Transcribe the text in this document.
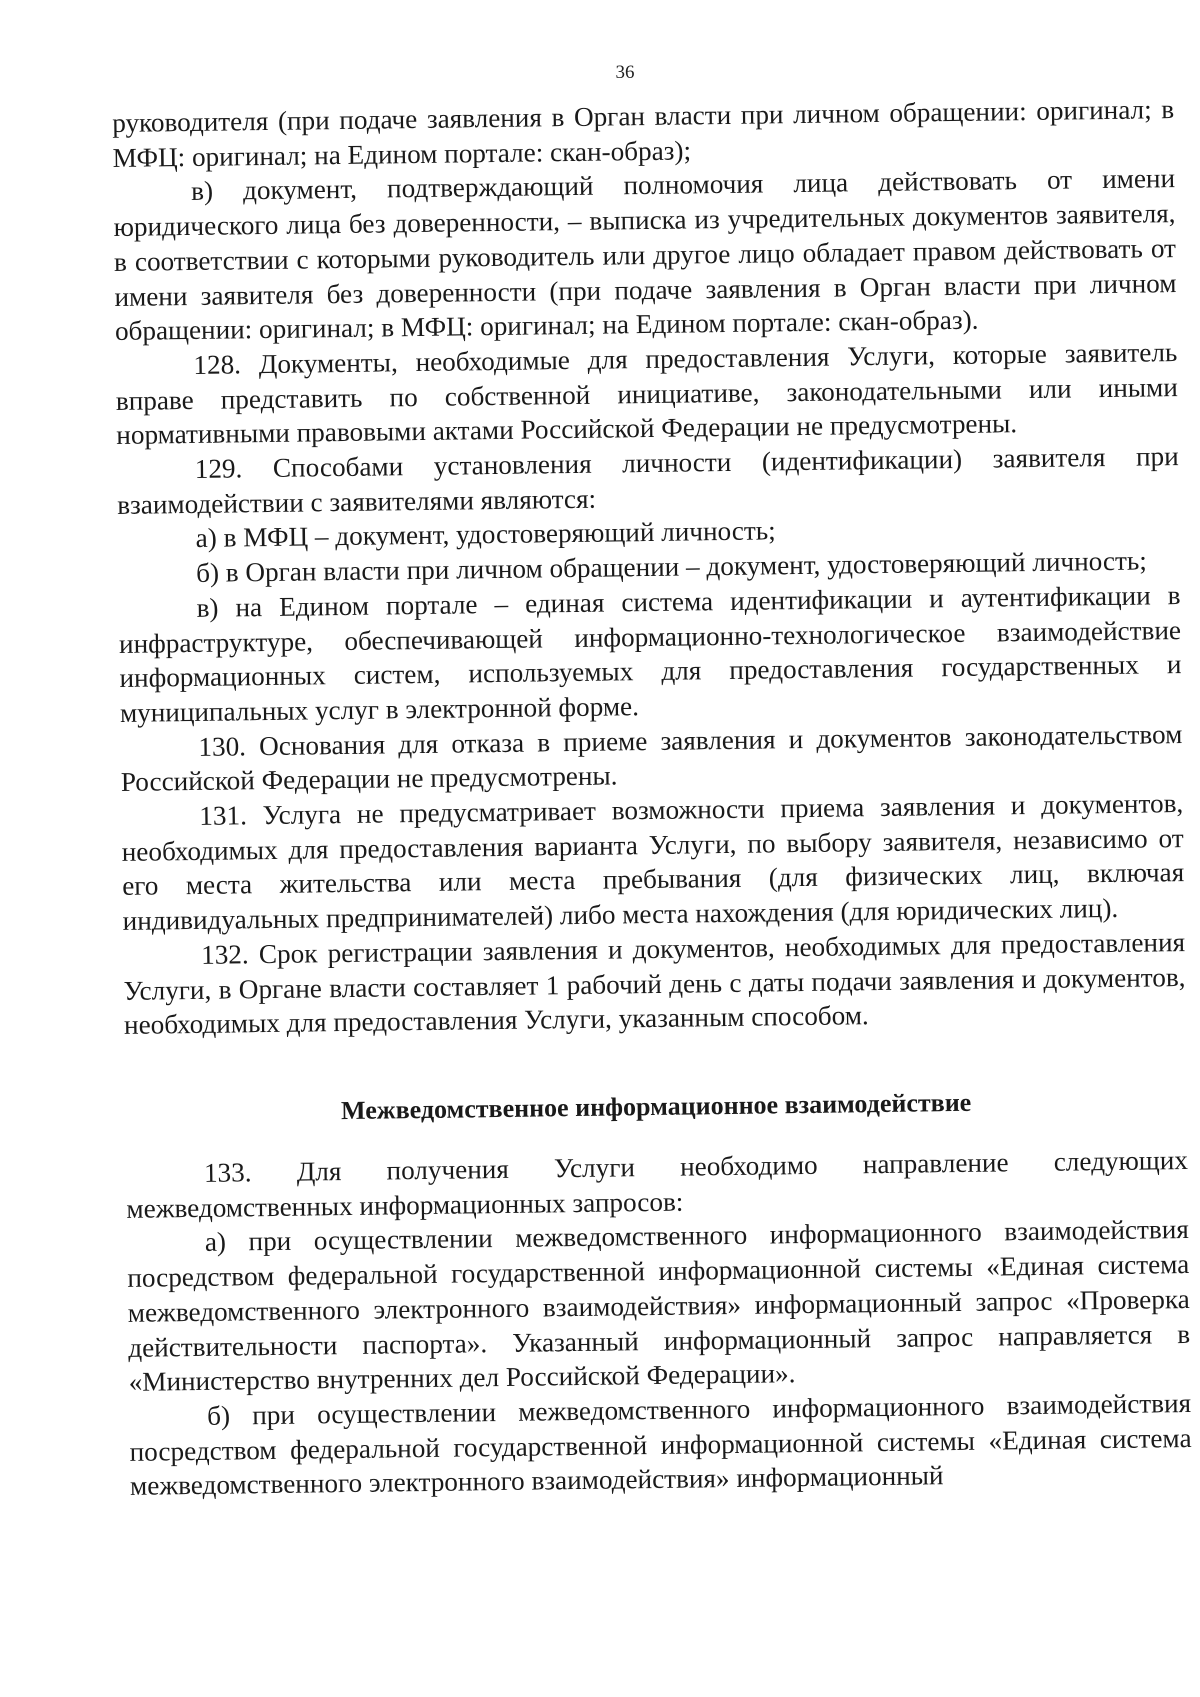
36

руководителя (при подаче заявления в Орган власти при личном обращении: оригинал; в МФЦ: оригинал; на Едином портале: скан-образ);

в) документ, подтверждающий полномочия лица действовать от имени юридического лица без доверенности, – выписка из учредительных документов заявителя, в соответствии с которыми руководитель или другое лицо обладает правом действовать от имени заявителя без доверенности (при подаче заявления в Орган власти при личном обращении: оригинал; в МФЦ: оригинал; на Едином портале: скан-образ).

128. Документы, необходимые для предоставления Услуги, которые заявитель вправе представить по собственной инициативе, законодательными или иными нормативными правовыми актами Российской Федерации не предусмотрены.

129. Способами установления личности (идентификации) заявителя при взаимодействии с заявителями являются:

а) в МФЦ – документ, удостоверяющий личность;

б) в Орган власти при личном обращении – документ, удостоверяющий личность;

в) на Едином портале – единая система идентификации и аутентификации в инфраструктуре, обеспечивающей информационно-технологическое взаимодействие информационных систем, используемых для предоставления государственных и муниципальных услуг в электронной форме.

130. Основания для отказа в приеме заявления и документов законодательством Российской Федерации не предусмотрены.

131. Услуга не предусматривает возможности приема заявления и документов, необходимых для предоставления варианта Услуги, по выбору заявителя, независимо от его места жительства или места пребывания (для физических лиц, включая индивидуальных предпринимателей) либо места нахождения (для юридических лиц).

132. Срок регистрации заявления и документов, необходимых для предоставления Услуги, в Органе власти составляет 1 рабочий день с даты подачи заявления и документов, необходимых для предоставления Услуги, указанным способом.

Межведомственное информационное взаимодействие

133. Для получения Услуги необходимо направление следующих межведомственных информационных запросов:

а) при осуществлении межведомственного информационного взаимодействия посредством федеральной государственной информационной системы «Единая система межведомственного электронного взаимодействия» информационный запрос «Проверка действительности паспорта». Указанный информационный запрос направляется в «Министерство внутренних дел Российской Федерации».

б) при осуществлении межведомственного информационного взаимодействия посредством федеральной государственной информационной системы «Единая система межведомственного электронного взаимодействия» информационный
